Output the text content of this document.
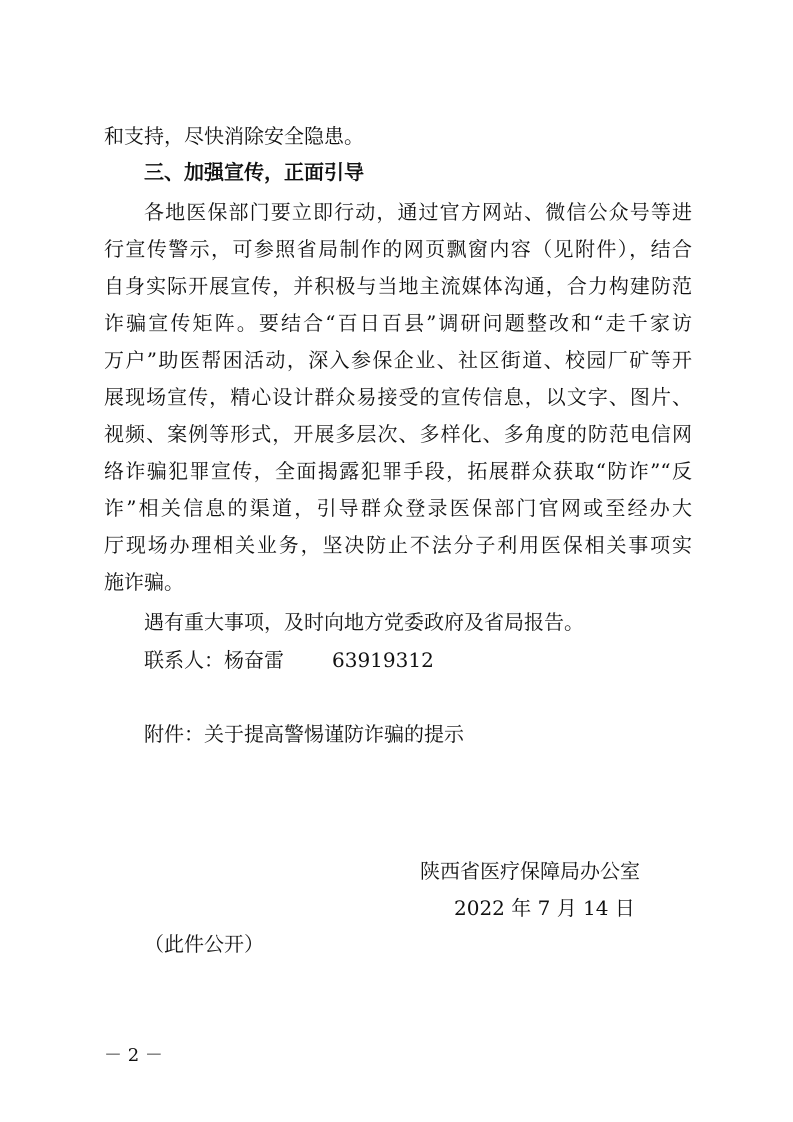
和支持，尽快消除安全隐患。
三、加强宣传，正面引导
各地医保部门要立即行动，通过官方网站、微信公众号等进
行宣传警示，可参照省局制作的网页飘窗内容（见附件），结合
自身实际开展宣传，并积极与当地主流媒体沟通，合力构建防范
诈骗宣传矩阵。要结合“百日百县”调研问题整改和“走千家访
万户”助医帮困活动，深入参保企业、社区街道、校园厂矿等开
展现场宣传，精心设计群众易接受的宣传信息，以文字、图片、
视频、案例等形式，开展多层次、多样化、多角度的防范电信网
络诈骗犯罪宣传，全面揭露犯罪手段，拓展群众获取“防诈”“反
诈”相关信息的渠道，引导群众登录医保部门官网或至经办大
厅现场办理相关业务，坚决防止不法分子利用医保相关事项实
施诈骗。
遇有重大事项，及时向地方党委政府及省局报告。
联系人：杨奋雷 63919312
附件：关于提高警惕谨防诈骗的提示
陕西省医疗保障局办公室
2022 年 7 月 14 日
（此件公开）
－ 2 －
